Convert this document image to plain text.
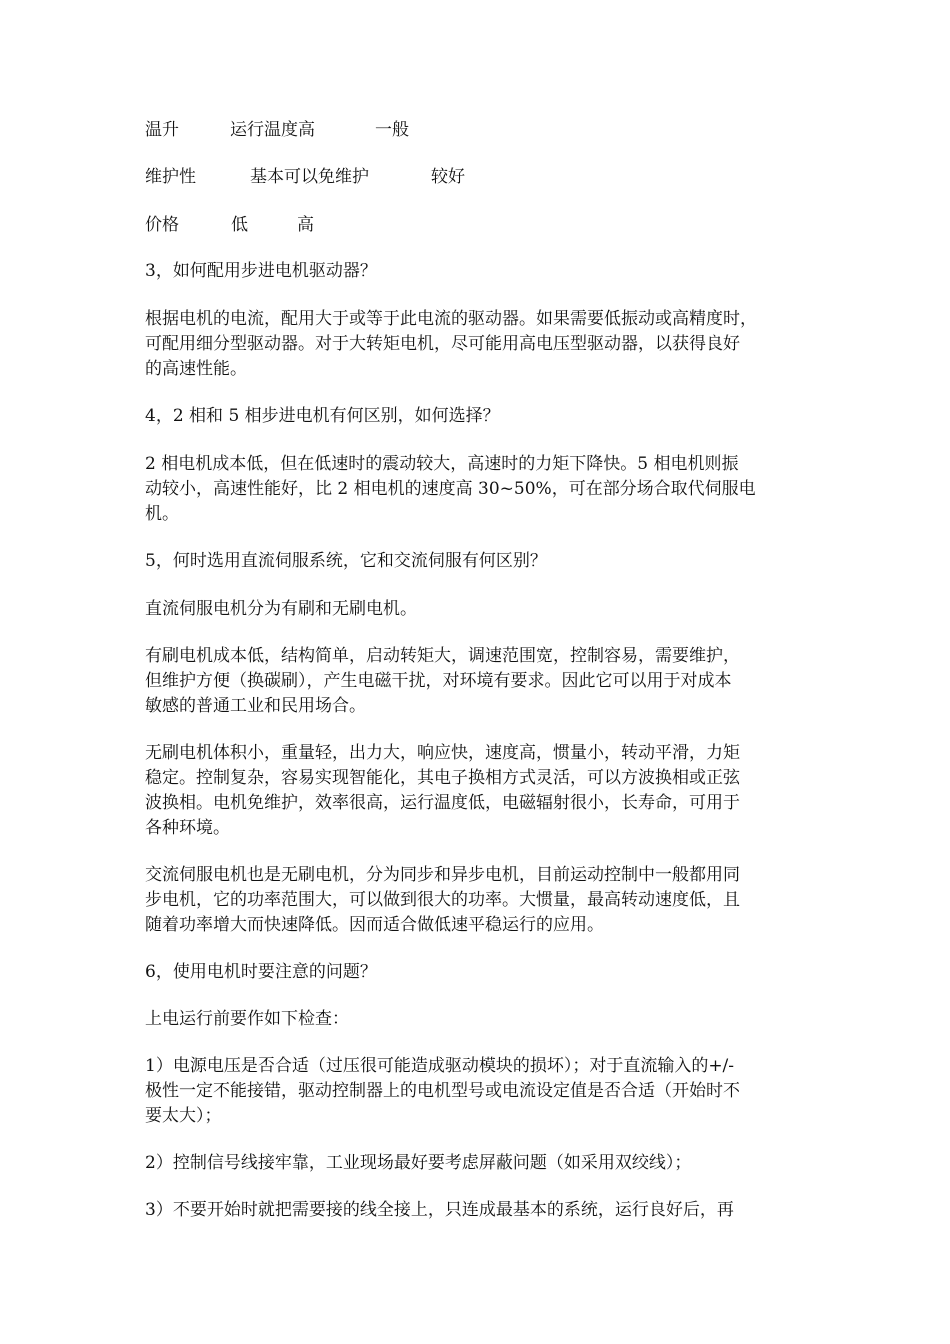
温升	运行温度高	一般
维护性	基本可以免维护	较好
价格	低	高
3，如何配用步进电机驱动器？
根据电机的电流，配用大于或等于此电流的驱动器。如果需要低振动或高精度时，
可配用细分型驱动器。对于大转矩电机，尽可能用高电压型驱动器，以获得良好
的高速性能。
4，2 相和 5 相步进电机有何区别，如何选择？
2 相电机成本低，但在低速时的震动较大，高速时的力矩下降快。5 相电机则振
动较小，高速性能好，比 2 相电机的速度高 30~50%，可在部分场合取代伺服电
机。
5，何时选用直流伺服系统，它和交流伺服有何区别？
直流伺服电机分为有刷和无刷电机。
有刷电机成本低，结构简单，启动转矩大，调速范围宽，控制容易，需要维护，
但维护方便（换碳刷），产生电磁干扰，对环境有要求。因此它可以用于对成本
敏感的普通工业和民用场合。
无刷电机体积小，重量轻，出力大，响应快，速度高，惯量小，转动平滑，力矩
稳定。控制复杂，容易实现智能化，其电子换相方式灵活，可以方波换相或正弦
波换相。电机免维护，效率很高，运行温度低，电磁辐射很小，长寿命，可用于
各种环境。
交流伺服电机也是无刷电机，分为同步和异步电机，目前运动控制中一般都用同
步电机，它的功率范围大，可以做到很大的功率。大惯量，最高转动速度低，且
随着功率增大而快速降低。因而适合做低速平稳运行的应用。
6，使用电机时要注意的问题？
上电运行前要作如下检查：
1）电源电压是否合适（过压很可能造成驱动模块的损坏）；对于直流输入的+/-
极性一定不能接错，驱动控制器上的电机型号或电流设定值是否合适（开始时不
要太大）；
2）控制信号线接牢靠，工业现场最好要考虑屏蔽问题（如采用双绞线）；
3）不要开始时就把需要接的线全接上，只连成最基本的系统，运行良好后，再
